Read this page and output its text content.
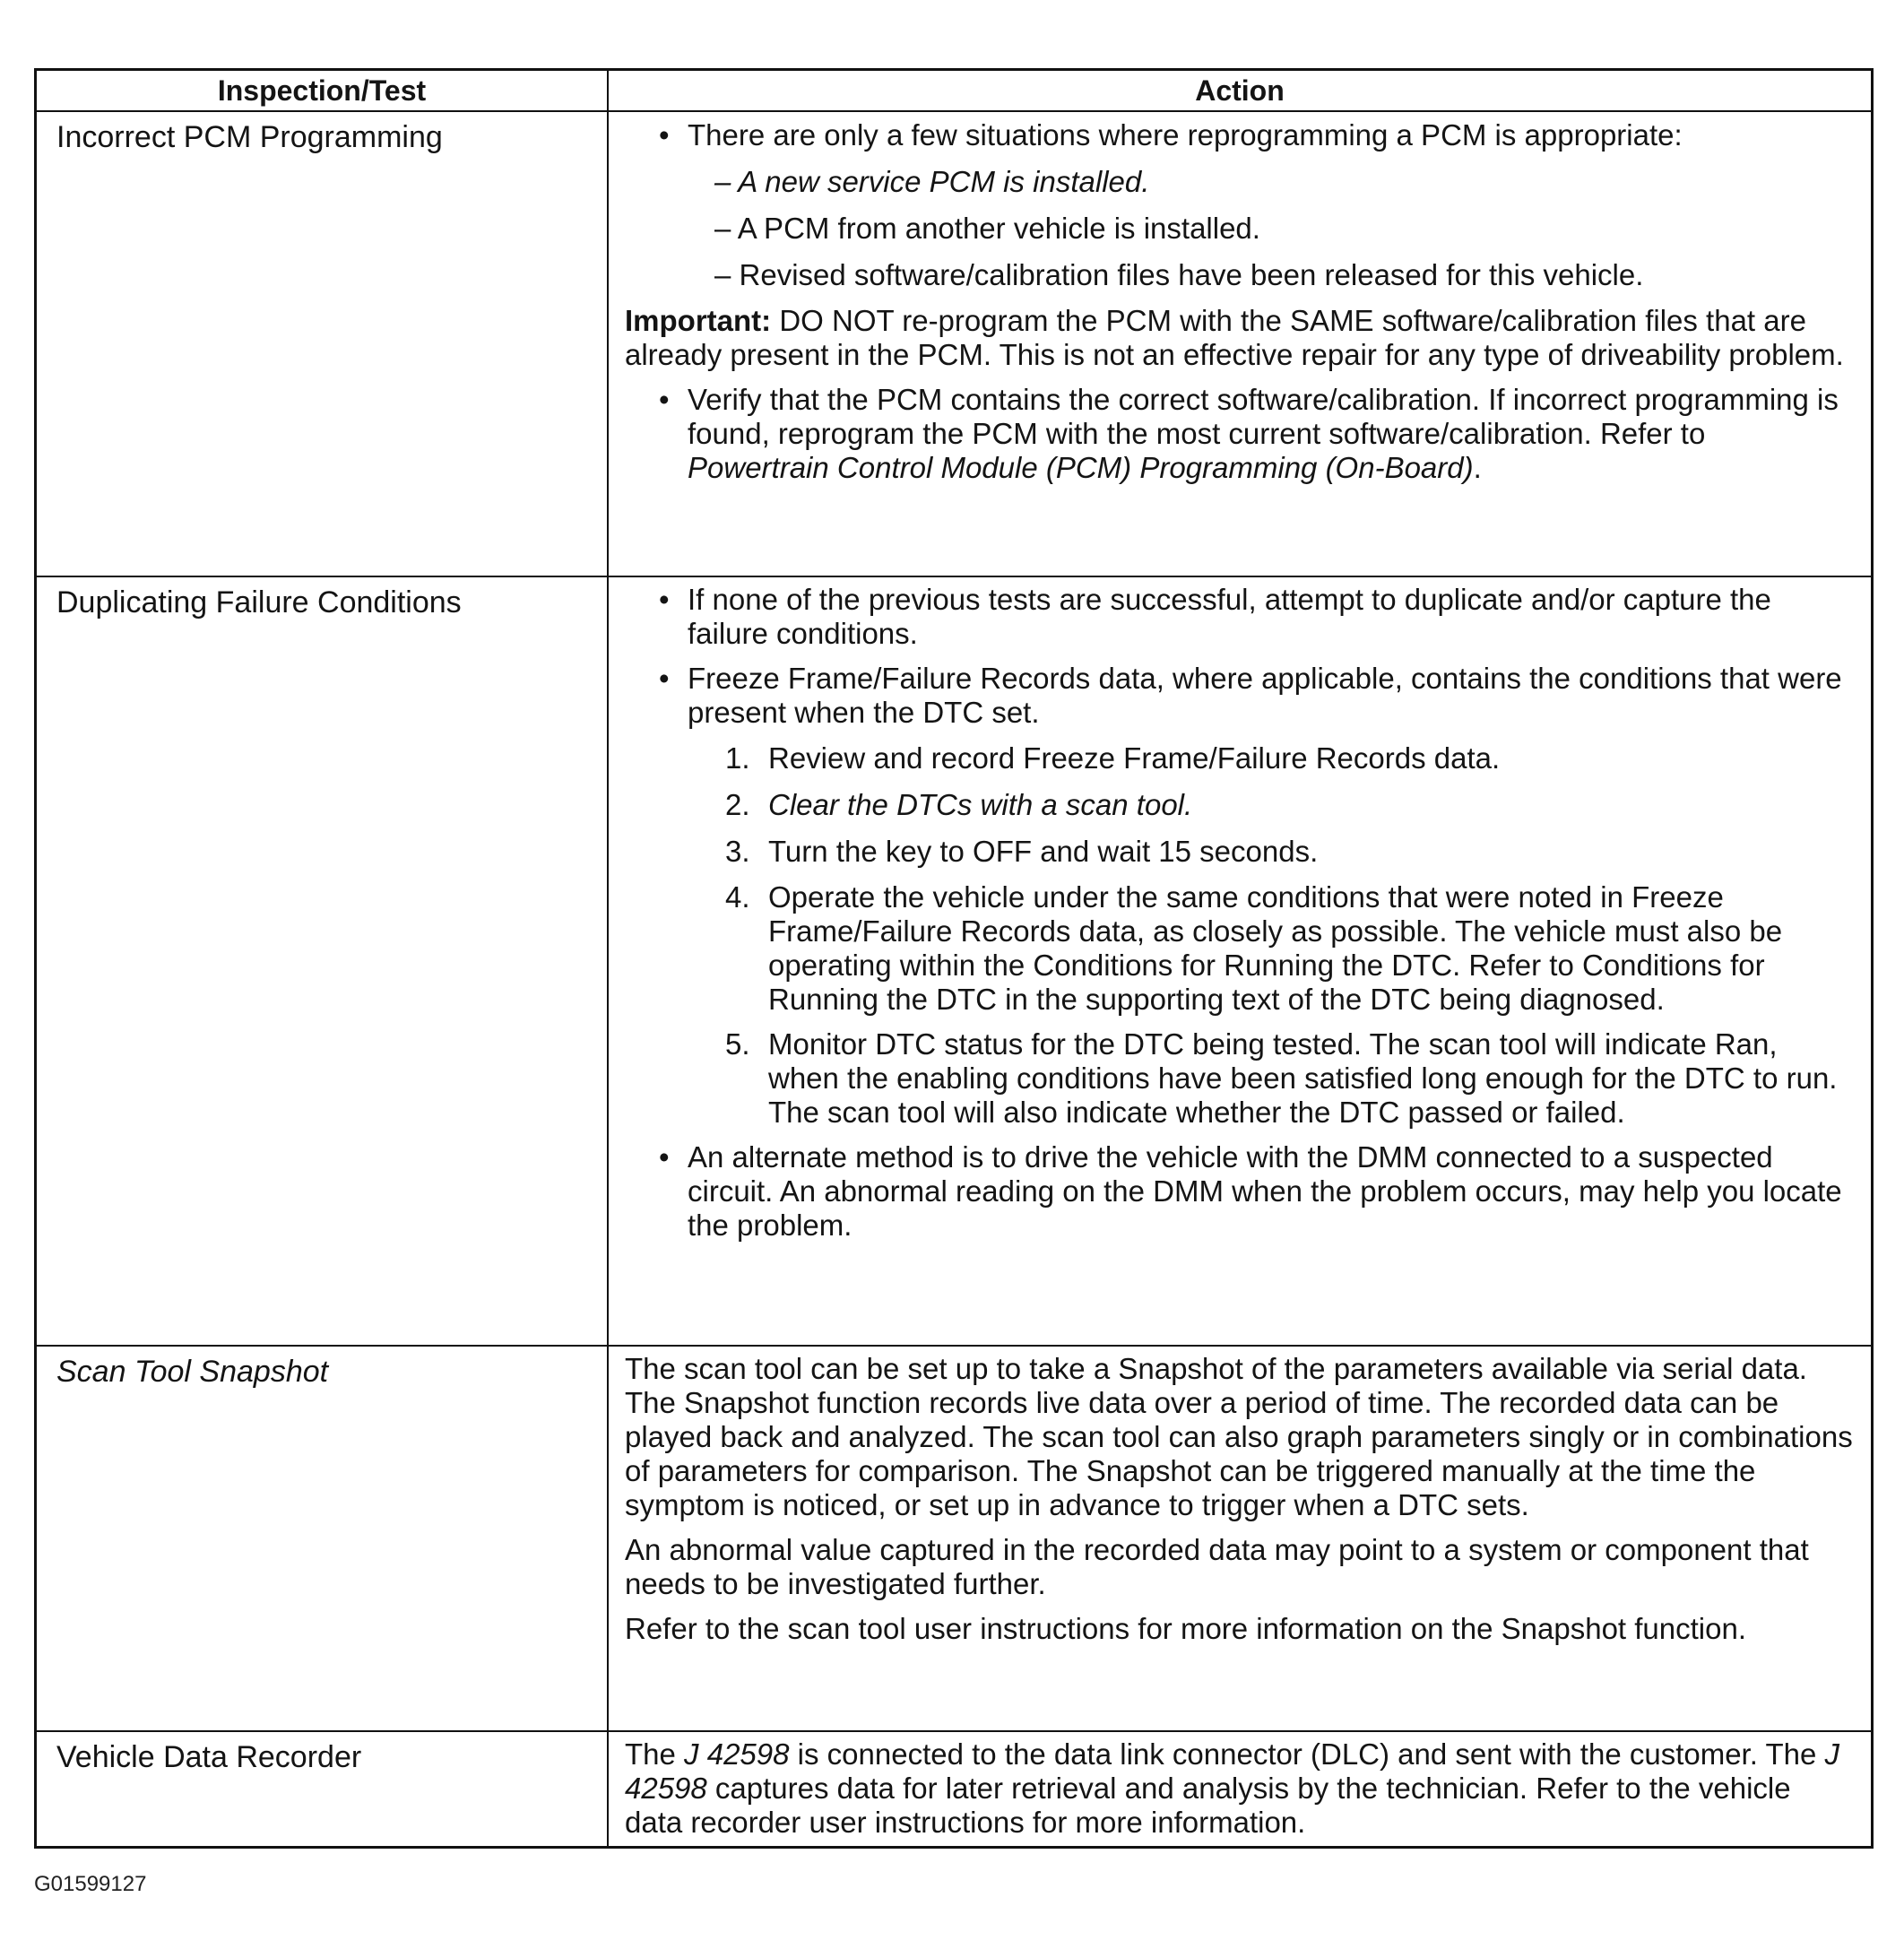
Inspection/Test	Action
Incorrect PCM Programming	• There are only a few situations where reprogramming a PCM is appropriate:
– A new service PCM is installed.
– A PCM from another vehicle is installed.
– Revised software/calibration files have been released for this vehicle.
Important: DO NOT re-program the PCM with the SAME software/calibration files that are already present in the PCM. This is not an effective repair for any type of driveability problem.
• Verify that the PCM contains the correct software/calibration. If incorrect programming is found, reprogram the PCM with the most current software/calibration. Refer to Powertrain Control Module (PCM) Programming (On-Board).
Duplicating Failure Conditions	• If none of the previous tests are successful, attempt to duplicate and/or capture the failure conditions.
• Freeze Frame/Failure Records data, where applicable, contains the conditions that were present when the DTC set.
1. Review and record Freeze Frame/Failure Records data.
2. Clear the DTCs with a scan tool.
3. Turn the key to OFF and wait 15 seconds.
4. Operate the vehicle under the same conditions that were noted in Freeze Frame/Failure Records data, as closely as possible. The vehicle must also be operating within the Conditions for Running the DTC. Refer to Conditions for Running the DTC in the supporting text of the DTC being diagnosed.
5. Monitor DTC status for the DTC being tested. The scan tool will indicate Ran, when the enabling conditions have been satisfied long enough for the DTC to run. The scan tool will also indicate whether the DTC passed or failed.
• An alternate method is to drive the vehicle with the DMM connected to a suspected circuit. An abnormal reading on the DMM when the problem occurs, may help you locate the problem.
Scan Tool Snapshot	The scan tool can be set up to take a Snapshot of the parameters available via serial data. The Snapshot function records live data over a period of time. The recorded data can be played back and analyzed. The scan tool can also graph parameters singly or in combinations of parameters for comparison. The Snapshot can be triggered manually at the time the symptom is noticed, or set up in advance to trigger when a DTC sets.
An abnormal value captured in the recorded data may point to a system or component that needs to be investigated further.
Refer to the scan tool user instructions for more information on the Snapshot function.
Vehicle Data Recorder	The J 42598 is connected to the data link connector (DLC) and sent with the customer. The J 42598 captures data for later retrieval and analysis by the technician. Refer to the vehicle data recorder user instructions for more information.
G01599127
